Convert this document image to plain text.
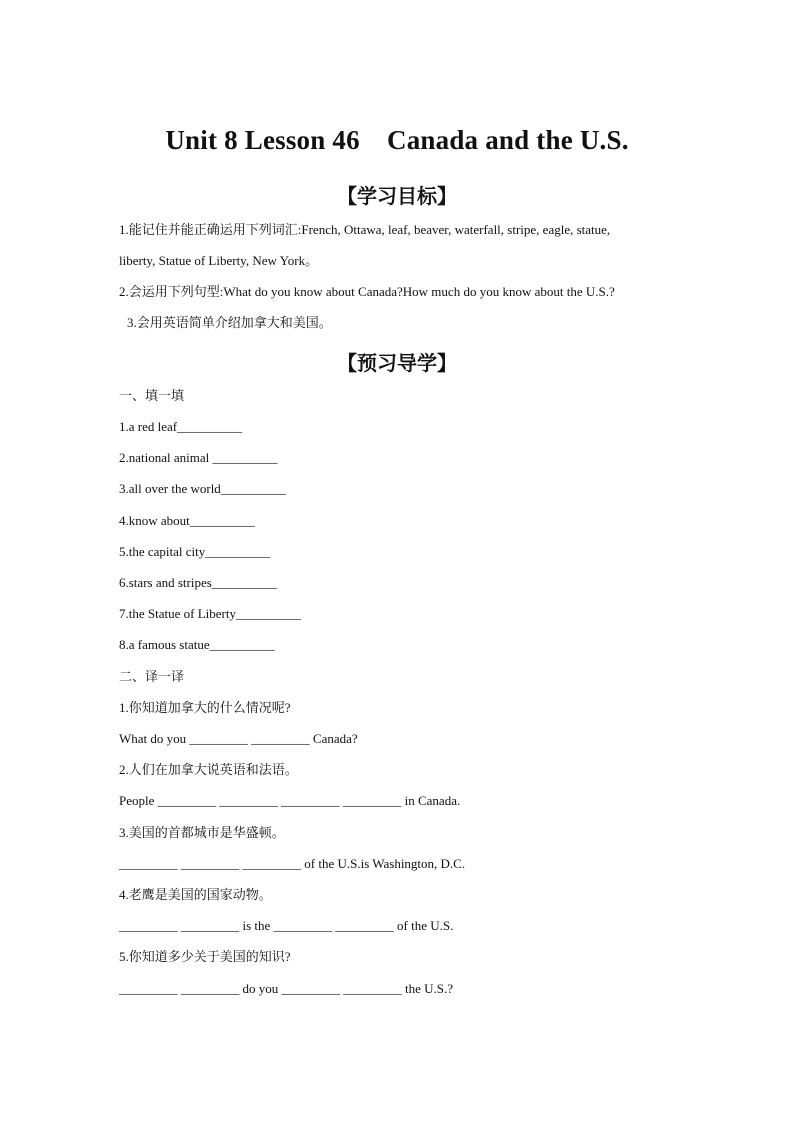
Unit 8 Lesson 46　Canada and the U.S.
【学习目标】
1.能记住并能正确运用下列词汇:French, Ottawa, leaf, beaver, waterfall, stripe, eagle, statue,
liberty, Statue of Liberty, New York。
2.会运用下列句型:What do you know about Canada?How much do you know about the U.S.?
3.会用英语简单介绍加拿大和美国。
【预习导学】
一、填一填
1.a red leaf__________
2.national animal __________
3.all over the world__________
4.know about__________
5.the capital city__________
6.stars and stripes__________
7.the Statue of Liberty__________
8.a famous statue__________
二、译一译
1.你知道加拿大的什么情况呢?
What do you _________ _________ Canada?
2.人们在加拿大说英语和法语。
People _________ _________ _________ _________ in Canada.
3.美国的首都城市是华盛顿。
_________ _________ _________ of the U.S.is Washington, D.C.
4.老鹰是美国的国家动物。
_________ _________ is the _________ _________ of the U.S.
5.你知道多少关于美国的知识?
_________ _________ do you _________ _________ the U.S.?
